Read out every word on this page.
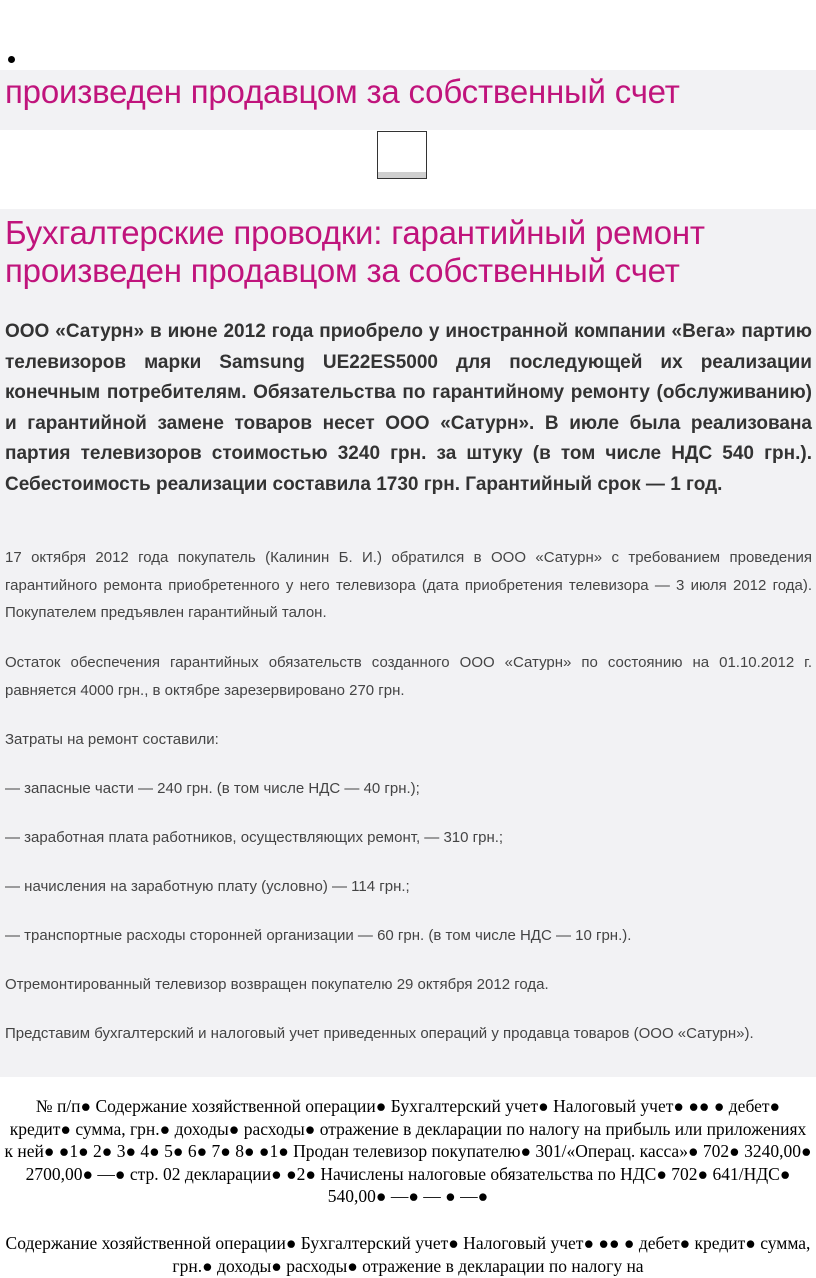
произведен продавцом за собственный счет
Бухгалтерские проводки: гарантийный ремонт
произведен продавцом за собственный счет

ООО «Сатурн» в июне 2012 года приобрело у иностранной компании «Вега» партию телевизоров марки Samsung UE22ES5000 для последующей их реализации конечным потребителям. Обязательства по гарантийному ремонту (обслуживанию) и гарантийной замене товаров несет ООО «Сатурн». В июле была реализована партия телевизоров стоимостью 3240 грн. за штуку (в том числе НДС 540 грн.). Себестоимость реализации составила 1730 грн. Гарантийный срок — 1 год.

17 октября 2012 года покупатель (Калинин Б. И.) обратился в ООО «Сатурн» с требованием проведения гарантийного ремонта приобретенного у него телевизора (дата приобретения телевизора — 3 июля 2012 года). Покупателем предъявлен гарантийный талон.

Остаток обеспечения гарантийных обязательств созданного ООО «Сатурн» по состоянию на 01.10.2012 г. равняется 4000 грн., в октябре зарезервировано 270 грн.

Затраты на ремонт составили:

— запасные части — 240 грн. (в том числе НДС — 40 грн.);

— заработная плата работников, осуществляющих ремонт, — 310 грн.;

— начисления на заработную плату (условно) — 114 грн.;

— транспортные расходы сторонней организации — 60 грн. (в том числе НДС — 10 грн.).

Отремонтированный телевизор возвращен покупателю 29 октября 2012 года.

Представим бухгалтерский и налоговый учет приведенных операций у продавца товаров (ООО «Сатурн»).

№ п/п● Содержание хозяйственной операции● Бухгалтерский учет● Налоговый учет● ●● ● дебет● кредит● сумма, грн.● доходы● расходы● отражение в декларации по налогу на прибыль или приложениях к ней● ●1● 2● 3● 4● 5● 6● 7● 8● ●1● Продан телевизор покупателю● 301/«Операц. касса»● 702● 3240,00● 2700,00● —● стр. 02 декларации● ●2● Начислены налоговые обязательства по НДС● 702● 641/НДС● 540,00● —● — ● —●

Содержание хозяйственной операции● Бухгалтерский учет● Налоговый учет● ●● ● дебет● кредит● сумма, грн.● доходы● расходы● отражение в декларации по налогу на
